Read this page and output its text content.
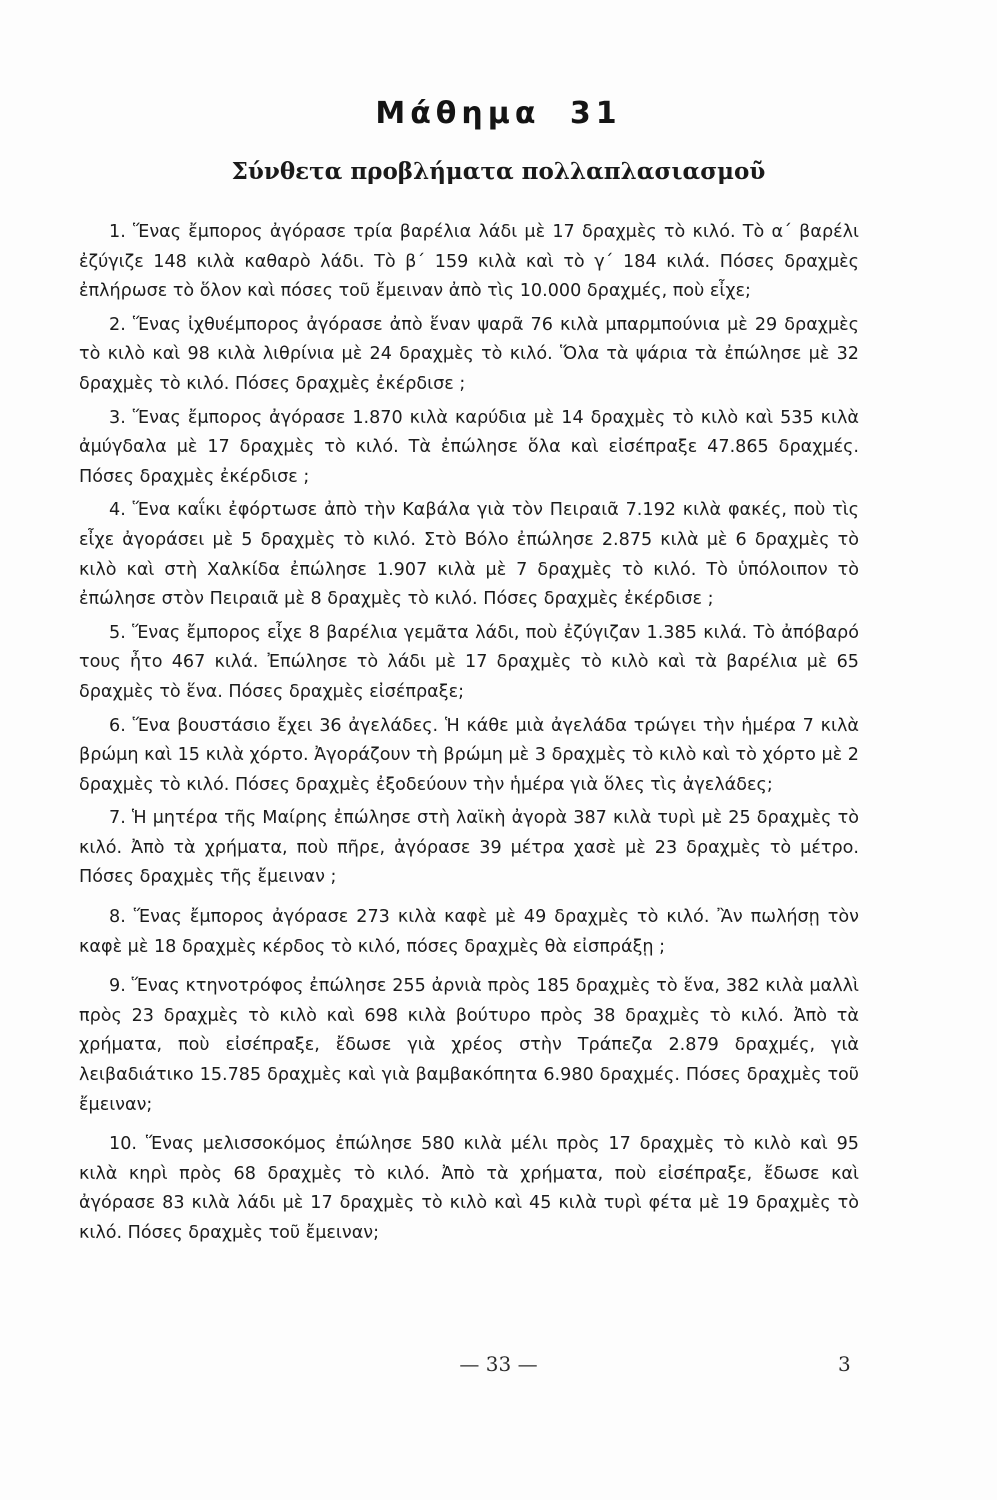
Μάθημα 31
Σύνθετα προβλήματα πολλαπλασιασμοῦ

1. Ἕνας ἔμπορος ἀγόρασε τρία βαρέλια λάδι μὲ 17 δραχμὲς τὸ κιλό. Τὸ α΄ βαρέλι ἐζύγιζε 148 κιλὰ καθαρὸ λάδι. Τὸ β΄ 159 κιλὰ καὶ τὸ γ΄ 184 κιλά. Πόσες δραχμὲς ἐπλήρωσε τὸ ὅλον καὶ πόσες τοῦ ἔμειναν ἀπὸ τὶς 10.000 δραχμές, ποὺ εἶχε;

2. Ἕνας ἰχθυέμπορος ἀγόρασε ἀπὸ ἕναν ψαρᾶ 76 κιλὰ μπαρμπούνια μὲ 29 δραχμὲς τὸ κιλὸ καὶ 98 κιλὰ λιθρίνια μὲ 24 δραχμὲς τὸ κιλό. Ὅλα τὰ ψάρια τὰ ἐπώλησε μὲ 32 δραχμὲς τὸ κιλό. Πόσες δραχμὲς ἐκέρδισε ;

3. Ἕνας ἔμπορος ἀγόρασε 1.870 κιλὰ καρύδια μὲ 14 δραχμὲς τὸ κιλὸ καὶ 535 κιλὰ ἀμύγδαλα μὲ 17 δραχμὲς τὸ κιλό. Τὰ ἐπώλησε ὅλα καὶ εἰσέπραξε 47.865 δραχμές. Πόσες δραχμὲς ἐκέρδισε ;

4. Ἕνα καΐκι ἐφόρτωσε ἀπὸ τὴν Καβάλα γιὰ τὸν Πειραιᾶ 7.192 κιλὰ φακές, ποὺ τὶς εἶχε ἀγοράσει μὲ 5 δραχμὲς τὸ κιλό. Στὸ Βόλο ἐπώλησε 2.875 κιλὰ μὲ 6 δραχμὲς τὸ κιλὸ καὶ στὴ Χαλκίδα ἐπώλησε 1.907 κιλὰ μὲ 7 δραχμὲς τὸ κιλό. Τὸ ὑπόλοιπον τὸ ἐπώλησε στὸν Πειραιᾶ μὲ 8 δραχμὲς τὸ κιλό. Πόσες δραχμὲς ἐκέρδισε ;

5. Ἕνας ἔμπορος εἶχε 8 βαρέλια γεμᾶτα λάδι, ποὺ ἐζύγιζαν 1.385 κιλά. Τὸ ἀπόβαρό τους ἦτο 467 κιλά. Ἐπώλησε τὸ λάδι μὲ 17 δραχμὲς τὸ κιλὸ καὶ τὰ βαρέλια μὲ 65 δραχμὲς τὸ ἕνα. Πόσες δραχμὲς εἰσέπραξε;

6. Ἕνα βουστάσιο ἔχει 36 ἀγελάδες. Ἡ κάθε μιὰ ἀγελάδα τρώγει τὴν ἡμέρα 7 κιλὰ βρώμη καὶ 15 κιλὰ χόρτο. Ἀγοράζουν τὴ βρώμη μὲ 3 δραχμὲς τὸ κιλὸ καὶ τὸ χόρτο μὲ 2 δραχμὲς τὸ κιλό. Πόσες δραχμὲς ἐξοδεύουν τὴν ἡμέρα γιὰ ὅλες τὶς ἀγελάδες;

7. Ἡ μητέρα τῆς Μαίρης ἐπώλησε στὴ λαϊκὴ ἀγορὰ 387 κιλὰ τυρὶ μὲ 25 δραχμὲς τὸ κιλό. Ἀπὸ τὰ χρήματα, ποὺ πῆρε, ἀγόρασε 39 μέτρα χασὲ μὲ 23 δραχμὲς τὸ μέτρο. Πόσες δραχμὲς τῆς ἔμειναν ;

8. Ἕνας ἔμπορος ἀγόρασε 273 κιλὰ καφὲ μὲ 49 δραχμὲς τὸ κιλό. Ἂν πωλήσῃ τὸν καφὲ μὲ 18 δραχμὲς κέρδος τὸ κιλό, πόσες δραχμὲς θὰ εἰσπράξῃ ;

9. Ἕνας κτηνοτρόφος ἐπώλησε 255 ἀρνιὰ πρὸς 185 δραχμὲς τὸ ἕνα, 382 κιλὰ μαλλὶ πρὸς 23 δραχμὲς τὸ κιλὸ καὶ 698 κιλὰ βούτυρο πρὸς 38 δραχμὲς τὸ κιλό. Ἀπὸ τὰ χρήματα, ποὺ εἰσέπραξε, ἔδωσε γιὰ χρέος στὴν Τράπεζα 2.879 δραχμές, γιὰ λειβαδιάτικο 15.785 δραχμὲς καὶ γιὰ βαμβακόπητα 6.980 δραχμές. Πόσες δραχμὲς τοῦ ἔμειναν;

10. Ἕνας μελισσοκόμος ἐπώλησε 580 κιλὰ μέλι πρὸς 17 δραχμὲς τὸ κιλὸ καὶ 95 κιλὰ κηρὶ πρὸς 68 δραχμὲς τὸ κιλό. Ἀπὸ τὰ χρήματα, ποὺ εἰσέπραξε, ἔδωσε καὶ ἀγόρασε 83 κιλὰ λάδι μὲ 17 δραχμὲς τὸ κιλὸ καὶ 45 κιλὰ τυρὶ φέτα μὲ 19 δραχμὲς τὸ κιλό. Πόσες δραχμὲς τοῦ ἔμειναν;

— 33 —	3
